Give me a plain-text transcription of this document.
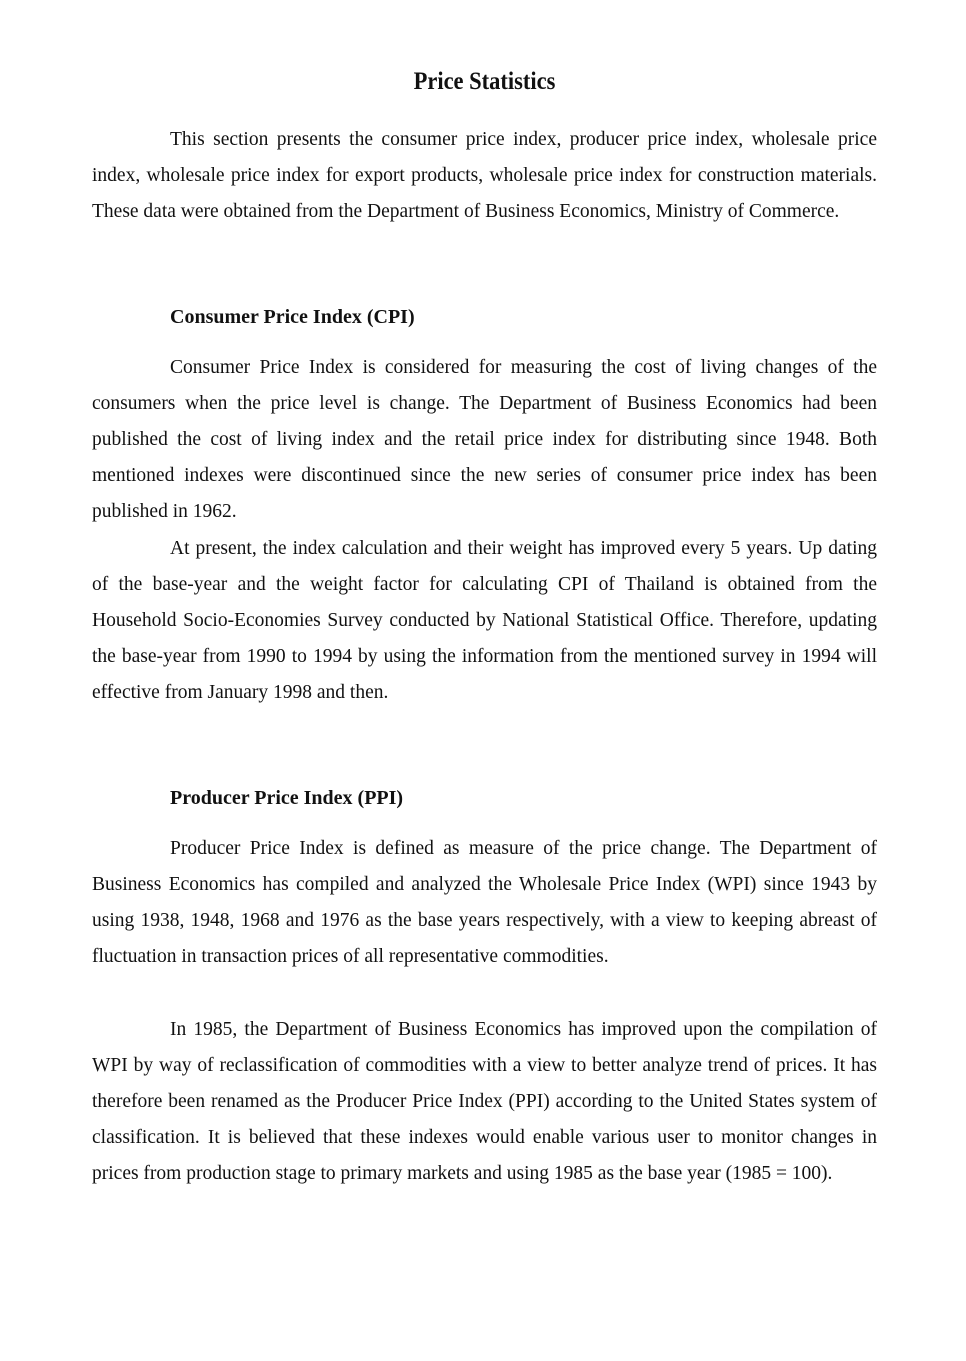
Price Statistics

This section presents the consumer price index, producer price index, wholesale price index, wholesale price index for export products, wholesale price index for construction materials. These data were obtained from the Department of Business Economics, Ministry of Commerce.

Consumer Price Index (CPI)

Consumer Price Index is considered for measuring the cost of living changes of the consumers when the price level is change. The Department of Business Economics had been published the cost of living index and the retail price index for distributing since 1948. Both mentioned indexes were discontinued since the new series of consumer price index has been published in 1962.

At present, the index calculation and their weight has improved every 5 years. Up dating of the base-year and the weight factor for calculating CPI of Thailand is obtained from the Household Socio-Economies Survey conducted by National Statistical Office. Therefore, updating the base-year from 1990 to 1994 by using the information from the mentioned survey in 1994 will effective from January 1998 and then.

Producer Price Index (PPI)

Producer Price Index is defined as measure of the price change. The Department of Business Economics has compiled and analyzed the Wholesale Price Index (WPI) since 1943 by using 1938, 1948, 1968 and 1976 as the base years respectively, with a view to keeping abreast of fluctuation in transaction prices of all representative commodities.

In 1985, the Department of Business Economics has improved upon the compilation of WPI by way of reclassification of commodities with a view to better analyze trend of prices. It has therefore been renamed as the Producer Price Index (PPI) according to the United States system of classification. It is believed that these indexes would enable various user to monitor changes in prices from production stage to primary markets and using 1985 as the base year (1985 = 100).
